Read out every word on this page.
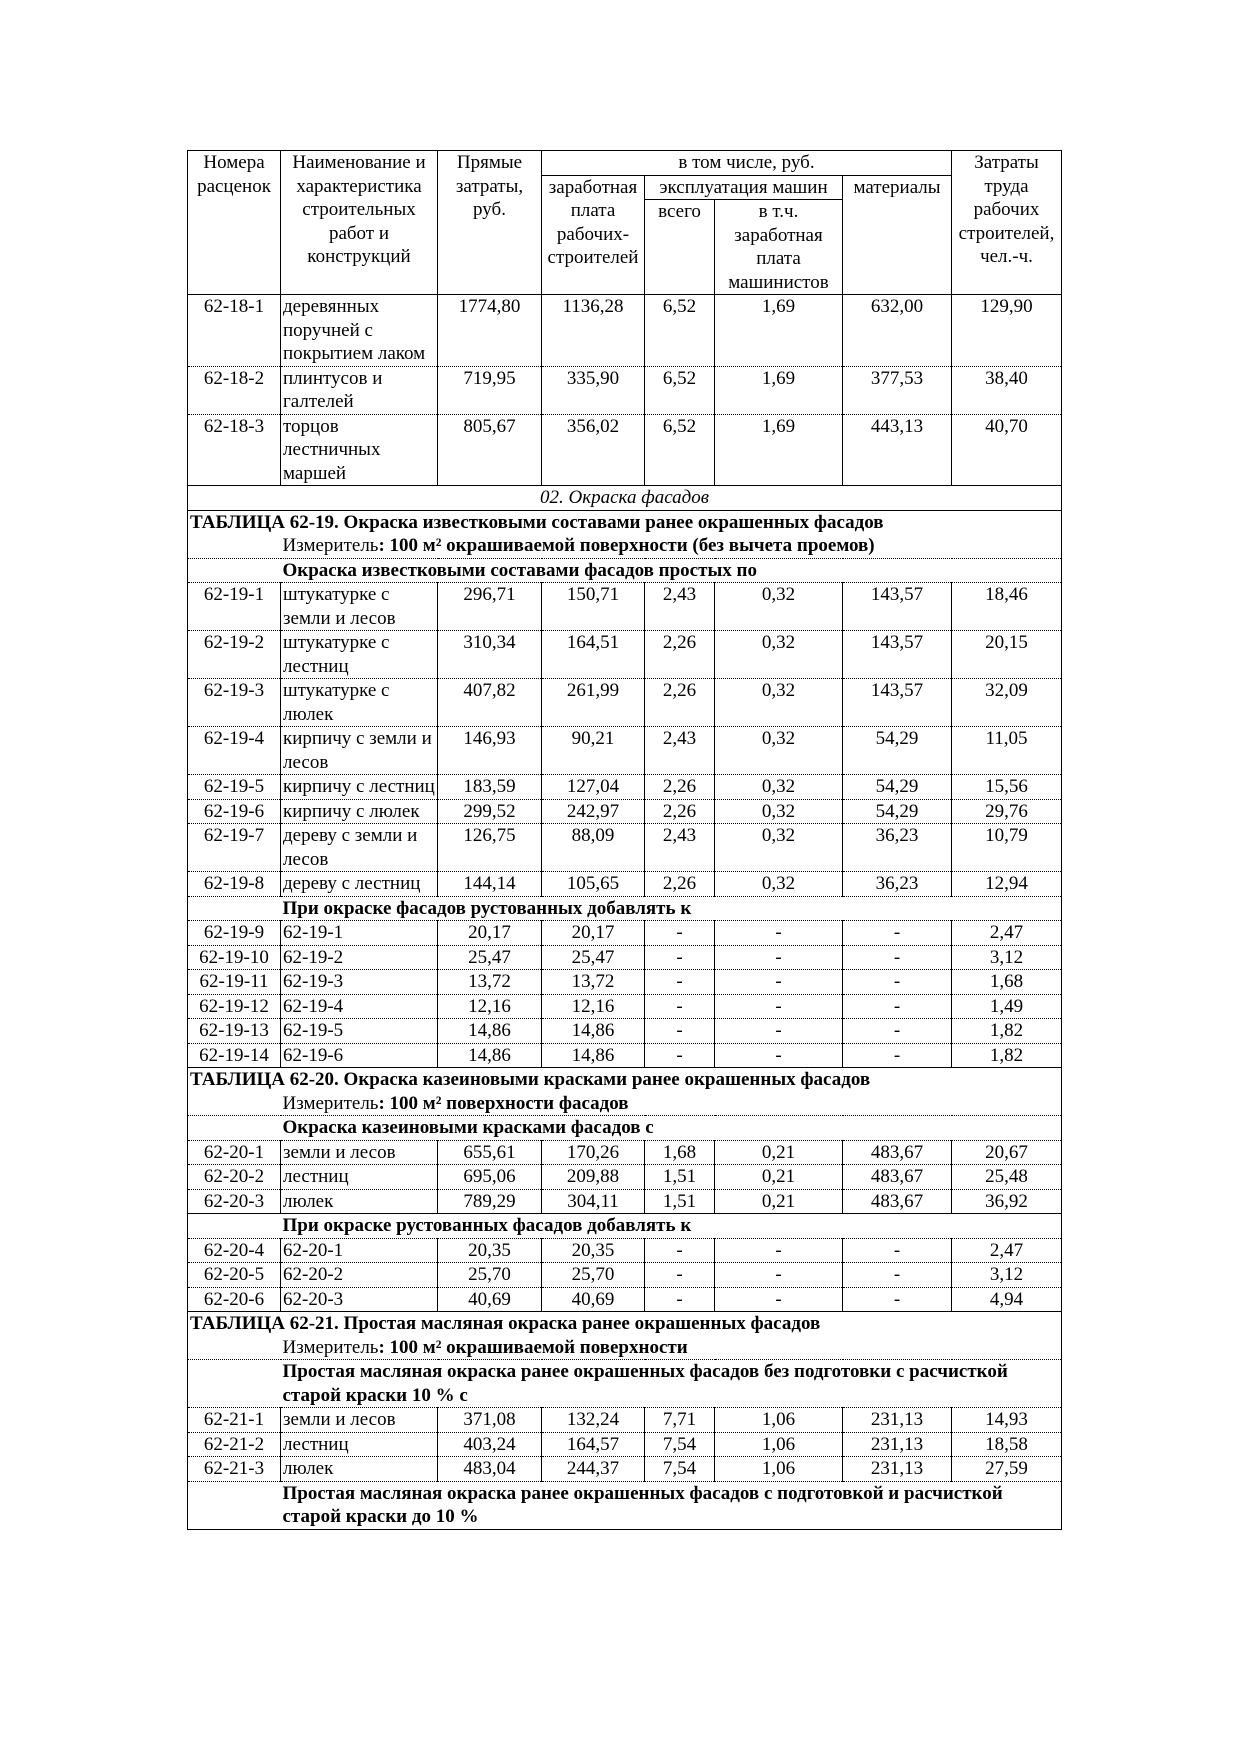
Номера расценок	Наименование и характеристика строительных работ и конструкций	Прямые затраты, руб.	в том числе, руб.				Затраты труда рабочих строителей, чел.-ч.
			заработная плата рабочих-строителей	эксплуатация машин		материалы	
				всего	в т.ч. заработная плата машинистов		
62-18-1	деревянных поручней с покрытием лаком	1774,80	1136,28	6,52	1,69	632,00	129,90
62-18-2	плинтусов и галтелей	719,95	335,90	6,52	1,69	377,53	38,40
62-18-3	торцов лестничных маршей	805,67	356,02	6,52	1,69	443,13	40,70
02. Окраска фасадов							
ТАБЛИЦА 62-19. Окраска известковыми составами ранее окрашенных фасадов							
	Измеритель: 100 м² окрашиваемой поверхности (без вычета проемов)						
	Окраска известковыми составами фасадов простых по						
62-19-1	штукатурке с земли и лесов	296,71	150,71	2,43	0,32	143,57	18,46
62-19-2	штукатурке с лестниц	310,34	164,51	2,26	0,32	143,57	20,15
62-19-3	штукатурке с люлек	407,82	261,99	2,26	0,32	143,57	32,09
62-19-4	кирпичу с земли и лесов	146,93	90,21	2,43	0,32	54,29	11,05
62-19-5	кирпичу с лестниц	183,59	127,04	2,26	0,32	54,29	15,56
62-19-6	кирпичу с люлек	299,52	242,97	2,26	0,32	54,29	29,76
62-19-7	дереву с земли и лесов	126,75	88,09	2,43	0,32	36,23	10,79
62-19-8	дереву с лестниц	144,14	105,65	2,26	0,32	36,23	12,94
	При окраске фасадов рустованных добавлять к						
62-19-9	62-19-1	20,17	20,17	-	-	-	2,47
62-19-10	62-19-2	25,47	25,47	-	-	-	3,12
62-19-11	62-19-3	13,72	13,72	-	-	-	1,68
62-19-12	62-19-4	12,16	12,16	-	-	-	1,49
62-19-13	62-19-5	14,86	14,86	-	-	-	1,82
62-19-14	62-19-6	14,86	14,86	-	-	-	1,82
ТАБЛИЦА 62-20. Окраска казеиновыми красками ранее окрашенных фасадов							
	Измеритель: 100 м² поверхности фасадов						
	Окраска казеиновыми красками фасадов с						
62-20-1	земли и лесов	655,61	170,26	1,68	0,21	483,67	20,67
62-20-2	лестниц	695,06	209,88	1,51	0,21	483,67	25,48
62-20-3	люлек	789,29	304,11	1,51	0,21	483,67	36,92
	При окраске рустованных фасадов добавлять к						
62-20-4	62-20-1	20,35	20,35	-	-	-	2,47
62-20-5	62-20-2	25,70	25,70	-	-	-	3,12
62-20-6	62-20-3	40,69	40,69	-	-	-	4,94
ТАБЛИЦА 62-21. Простая масляная окраска ранее окрашенных фасадов							
	Измеритель: 100 м² окрашиваемой поверхности						
	Простая масляная окраска ранее окрашенных фасадов без подготовки с расчисткой старой краски 10 % с						
62-21-1	земли и лесов	371,08	132,24	7,71	1,06	231,13	14,93
62-21-2	лестниц	403,24	164,57	7,54	1,06	231,13	18,58
62-21-3	люлек	483,04	244,37	7,54	1,06	231,13	27,59
	Простая масляная окраска ранее окрашенных фасадов с подготовкой и расчисткой старой краски до 10 %						
